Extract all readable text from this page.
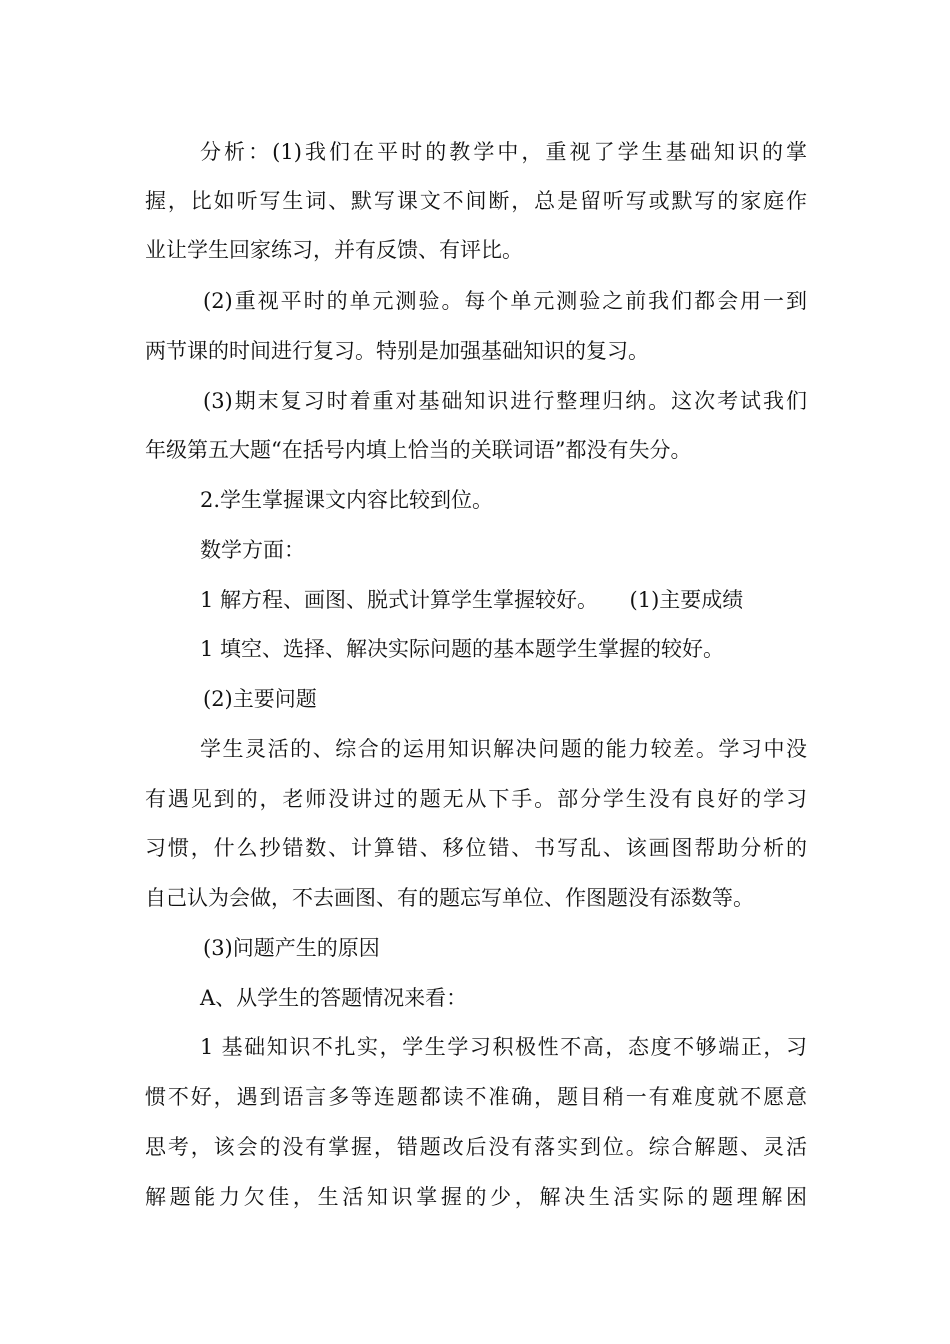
分析：(1)我们在平时的教学中，重视了学生基础知识的掌
握，比如听写生词、默写课文不间断，总是留听写或默写的家庭作
业让学生回家练习，并有反馈、有评比。
(2)重视平时的单元测验。每个单元测验之前我们都会用一到
两节课的时间进行复习。特别是加强基础知识的复习。
(3)期末复习时着重对基础知识进行整理归纳。这次考试我们
年级第五大题“在括号内填上恰当的关联词语”都没有失分。
2.学生掌握课文内容比较到位。
数学方面：
1 解方程、画图、脱式计算学生掌握较好。　　(1)主要成绩
1 填空、选择、解决实际问题的基本题学生掌握的较好。
(2)主要问题
学生灵活的、综合的运用知识解决问题的能力较差。学习中没
有遇见到的，老师没讲过的题无从下手。部分学生没有良好的学习
习惯，什么抄错数、计算错、移位错、书写乱、该画图帮助分析的
自己认为会做，不去画图、有的题忘写单位、作图题没有添数等。
(3)问题产生的原因
A、从学生的答题情况来看：
1 基础知识不扎实，学生学习积极性不高，态度不够端正，习
惯不好，遇到语言多等连题都读不准确，题目稍一有难度就不愿意
思考，该会的没有掌握，错题改后没有落实到位。综合解题、灵活
解题能力欠佳，生活知识掌握的少，解决生活实际的题理解困
